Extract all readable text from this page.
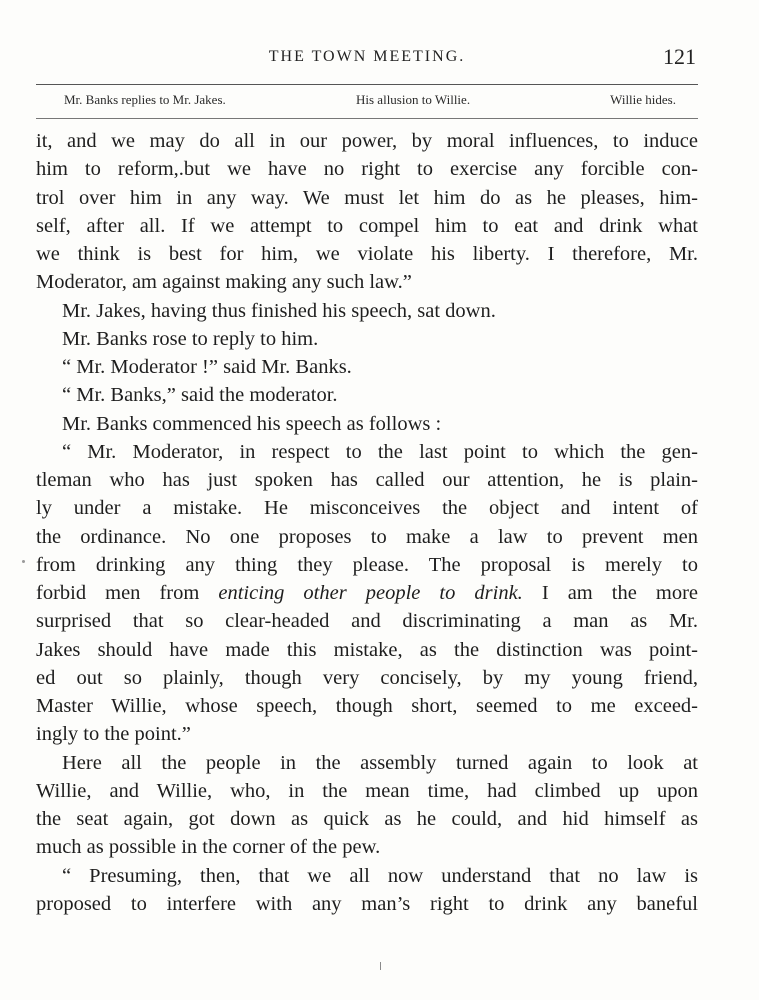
THE TOWN MEETING.	121
Mr. Banks replies to Mr. Jakes.	His allusion to Willie.	Willie hides.
it, and we may do all in our power, by moral influences, to induce
him to reform,.but we have no right to exercise any forcible con-
trol over him in any way. We must let him do as he pleases, him-
self, after all. If we attempt to compel him to eat and drink what
we think is best for him, we violate his liberty. I therefore, Mr.
Moderator, am against making any such law.”
Mr. Jakes, having thus finished his speech, sat down.
Mr. Banks rose to reply to him.
“ Mr. Moderator !” said Mr. Banks.
“ Mr. Banks,” said the moderator.
Mr. Banks commenced his speech as follows :
“ Mr. Moderator, in respect to the last point to which the gen-
tleman who has just spoken has called our attention, he is plain-
ly under a mistake. He misconceives the object and intent of
the ordinance. No one proposes to make a law to prevent men
from drinking any thing they please. The proposal is merely to
forbid men from enticing other people to drink. I am the more
surprised that so clear-headed and discriminating a man as Mr.
Jakes should have made this mistake, as the distinction was point-
ed out so plainly, though very concisely, by my young friend,
Master Willie, whose speech, though short, seemed to me exceed-
ingly to the point.”
Here all the people in the assembly turned again to look at
Willie, and Willie, who, in the mean time, had climbed up upon
the seat again, got down as quick as he could, and hid himself as
much as possible in the corner of the pew.
“ Presuming, then, that we all now understand that no law is
proposed to interfere with any man’s right to drink any baneful
